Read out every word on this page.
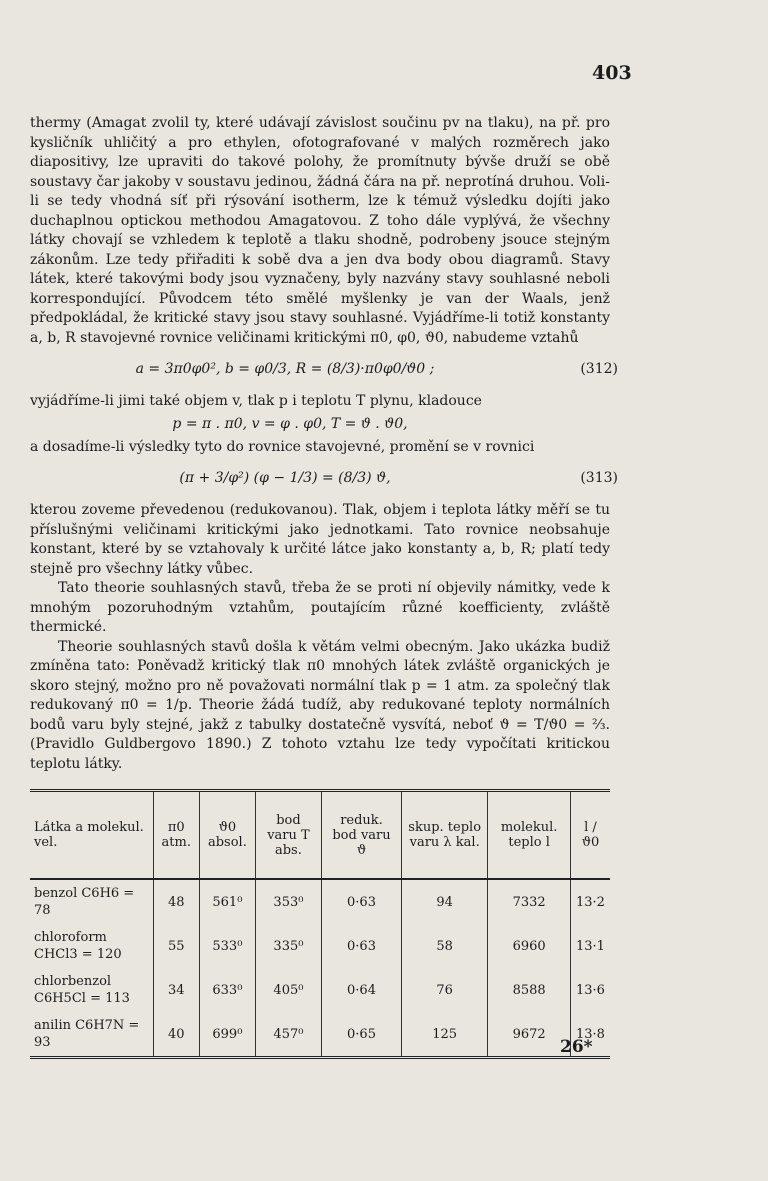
403

thermy (Amagat zvolil ty, které udávají závislost součinu pv na tlaku), na př. pro kysličník uhličitý a pro ethylen, ofotografované v malých rozměrech jako diapositivy, lze upraviti do takové polohy, že promítnuty bývše druží se obě soustavy čar jakoby v soustavu jedinou, žádná čára na př. neprotíná druhou. Voli-li se tedy vhodná síť při rýsování isotherm, lze k témuž výsledku dojíti jako duchaplnou optickou methodou Amagatovou. Z toho dále vyplývá, že všechny látky chovají se vzhledem k teplotě a tlaku shodně, podrobeny jsouce stejným zákonům. Lze tedy přiřaditi k sobě dva a jen dva body obou diagramů. Stavy látek, které takovými body jsou vyznačeny, byly nazvány stavy souhlasné neboli korrespondující. Původcem této smělé myšlenky je van der Waals, jenž předpokládal, že kritické stavy jsou stavy souhlasné. Vyjádříme-li totiž konstanty a, b, R stavojevné rovnice veličinami kritickými π0, φ0, ϑ0, nabudeme vztahů

a = 3π0φ0², b = φ0/3, R = (8/3)·π0φ0/ϑ0 ;	(312)

vyjádříme-li jimi také objem v, tlak p i teplotu T plynu, kladouce

p = π . π0, v = φ . φ0, T = ϑ . ϑ0,

a dosadíme-li výsledky tyto do rovnice stavojevné, promění se v rovnici

(π + 3/φ²) (φ − 1/3) = (8/3) ϑ,	(313)

kterou zoveme převedenou (redukovanou). Tlak, objem i teplota látky měří se tu příslušnými veličinami kritickými jako jednotkami. Tato rovnice neobsahuje konstant, které by se vztahovaly k určité látce jako konstanty a, b, R; platí tedy stejně pro všechny látky vůbec.

Tato theorie souhlasných stavů, třeba že se proti ní objevily námitky, vede k mnohým pozoruhodným vztahům, poutajícím různé koefficienty, zvláště thermické.

Theorie souhlasných stavů došla k větám velmi obecným. Jako ukázka budiž zmíněna tato: Poněvadž kritický tlak π0 mnohých látek zvláště organických je skoro stejný, možno pro ně považovati normální tlak p = 1 atm. za společný tlak redukovaný π0 = 1/p. Theorie žádá tudíž, aby redukované teploty normálních bodů varu byly stejné, jakž z tabulky dostatečně vysvítá, neboť ϑ = T/ϑ0 = ⅔. (Pravidlo Guldbergovo 1890.) Z tohoto vztahu lze tedy vypočítati kritickou teplotu látky.

Látka a molekul. vel.	π0 atm.	ϑ0 absol.	bod varu T abs.	reduk. bod varu ϑ	skup. teplo varu λ kal.	molekul. teplo l	l / ϑ0
benzol C6H6 = 78	48	561⁰	353⁰	0·63	94	7332	13·2
chloroform CHCl3 = 120	55	533⁰	335⁰	0·63	58	6960	13·1
chlorbenzol C6H5Cl = 113	34	633⁰	405⁰	0·64	76	8588	13·6
anilin C6H7N = 93	40	699⁰	457⁰	0·65	125	9672	13·8
26*
